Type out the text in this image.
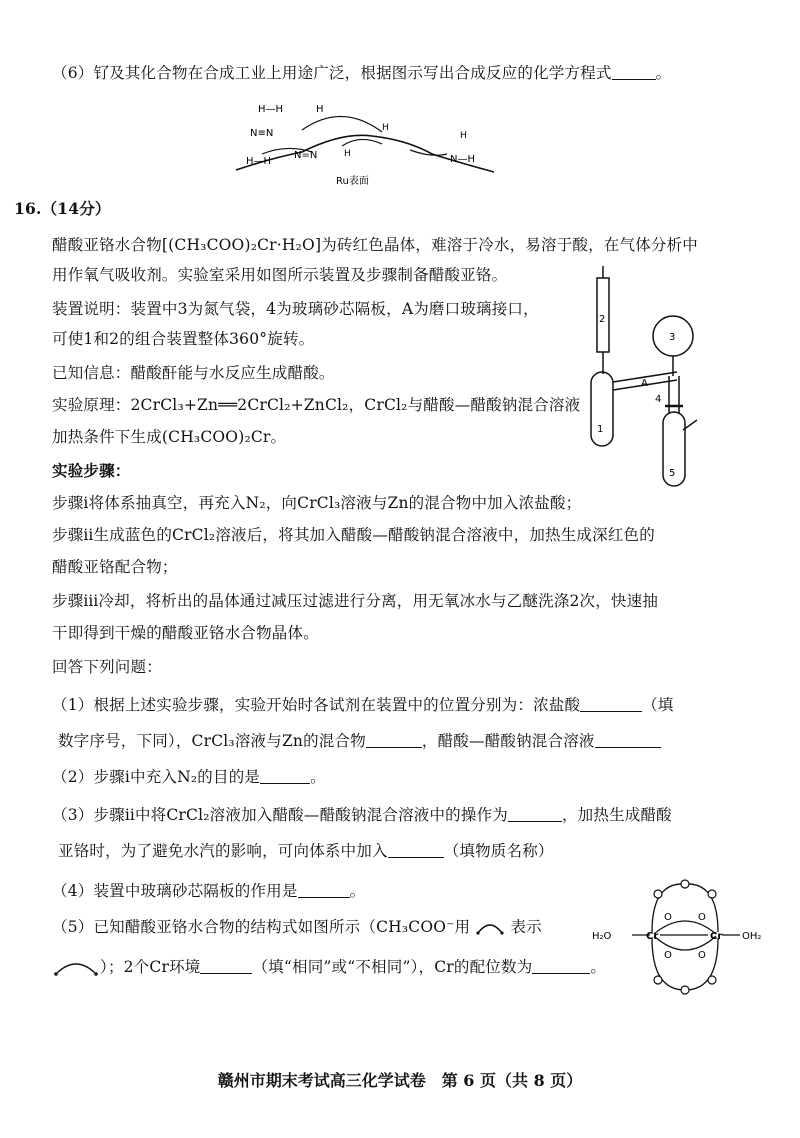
（6）钌及其化合物在合成工业上用途广泛，根据图示写出合成反应的化学方程式	。
H—H	H
N≡N
H—H
N=N	H
H
H
N—H
Ru表面
16.（14分）
醋酸亚铬水合物[(CH₃COO)₂Cr·H₂O]为砖红色晶体，难溶于冷水，易溶于酸，在气体分析中
用作氧气吸收剂。实验室采用如图所示装置及步骤制备醋酸亚铬。
装置说明：装置中3为氮气袋，4为玻璃砂芯隔板，A为磨口玻璃接口，
可使1和2的组合装置整体360°旋转。
已知信息：醋酸酐能与水反应生成醋酸。
实验原理：2CrCl₃+Zn══2CrCl₂+ZnCl₂，CrCl₂与醋酸—醋酸钠混合溶液
加热条件下生成(CH₃COO)₂Cr。
2
3
A
4
1
5
实验步骤：
步骤ⅰ将体系抽真空，再充入N₂，向CrCl₃溶液与Zn的混合物中加入浓盐酸；
步骤ⅱ生成蓝色的CrCl₂溶液后，将其加入醋酸—醋酸钠混合溶液中，加热生成深红色的
醋酸亚铬配合物；
步骤ⅲ冷却，将析出的晶体通过减压过滤进行分离，用无氧冰水与乙醚洗涤2次，快速抽
干即得到干燥的醋酸亚铬水合物晶体。
回答下列问题：
（1）根据上述实验步骤，实验开始时各试剂在装置中的位置分别为：浓盐酸	（填
数字序号，下同），CrCl₃溶液与Zn的混合物	，醋酸—醋酸钠混合溶液
（2）步骤ⅰ中充入N₂的目的是	。
（3）步骤ⅱ中将CrCl₂溶液加入醋酸—醋酸钠混合溶液中的操作为	，加热生成醋酸
亚铬时，为了避免水汽的影响，可向体系中加入	（填物质名称）
（4）装置中玻璃砂芯隔板的作用是	。
（5）已知醋酸亚铬水合物的结构式如图所示（CH₃COO⁻用	表示
）；2个Cr环境	（填“相同”或“不相同”），Cr的配位数为	。
H₂O	Cr	Cr OH₂
O	O
O	O
赣州市期末考试高三化学试卷　第 6 页（共 8 页）
